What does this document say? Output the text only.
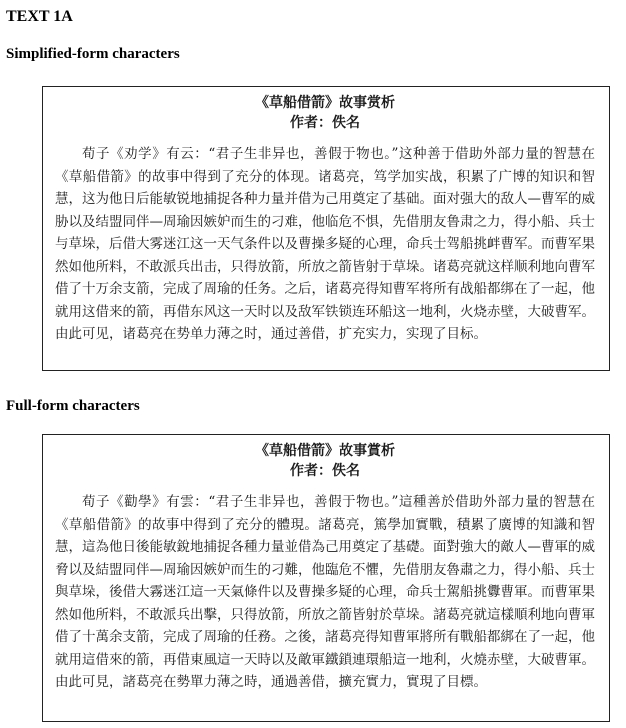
TEXT 1A
Simplified-form characters
《草船借箭》故事赏析
作者：佚名

荀子《劝学》有云：“君子生非异也，善假于物也。”这种善于借助外部力量的智慧在《草船借箭》的故事中得到了充分的体现。诸葛亮，笃学加实战，积累了广博的知识和智慧，这为他日后能敏锐地捕捉各种力量并借为己用奠定了基础。面对强大的敌人—曹军的威胁以及结盟同伴—周瑜因嫉妒而生的刁难，他临危不惧，先借朋友鲁肃之力，得小船、兵士与草垛，后借大雾迷江这一天气条件以及曹操多疑的心理，命兵士驾船挑衅曹军。而曹军果然如他所料，不敢派兵出击，只得放箭，所放之箭皆射于草垛。诸葛亮就这样顺利地向曹军借了十万余支箭，完成了周瑜的任务。之后，诸葛亮得知曹军将所有战船都绑在了一起，他就用这借来的箭，再借东风这一天时以及敌军铁锁连环船这一地利，火烧赤壁，大破曹军。由此可见，诸葛亮在势单力薄之时，通过善借，扩充实力，实现了目标。

Full-form characters
《草船借箭》故事賞析
作者：佚名

荀子《勸學》有雲：“君子生非异也，善假于物也。”這種善於借助外部力量的智慧在《草船借箭》的故事中得到了充分的體現。諸葛亮，篤學加實戰，積累了廣博的知識和智慧，這為他日後能敏銳地捕捉各種力量並借為己用奠定了基礎。面對強大的敵人—曹軍的威脅以及結盟同伴—周瑜因嫉妒而生的刁難，他臨危不懼，先借朋友魯肅之力，得小船、兵士與草垛，後借大霧迷江這一天氣條件以及曹操多疑的心理，命兵士駕船挑釁曹軍。而曹軍果然如他所料，不敢派兵出擊，只得放箭，所放之箭皆射於草垛。諸葛亮就這樣順利地向曹軍借了十萬余支箭，完成了周瑜的任務。之後，諸葛亮得知曹軍將所有戰船都綁在了一起，他就用這借來的箭，再借東風這一天時以及敵軍鐵鎖連環船這一地利，火燒赤壁，大破曹軍。由此可見，諸葛亮在勢單力薄之時，通過善借，擴充實力，實現了目標。
